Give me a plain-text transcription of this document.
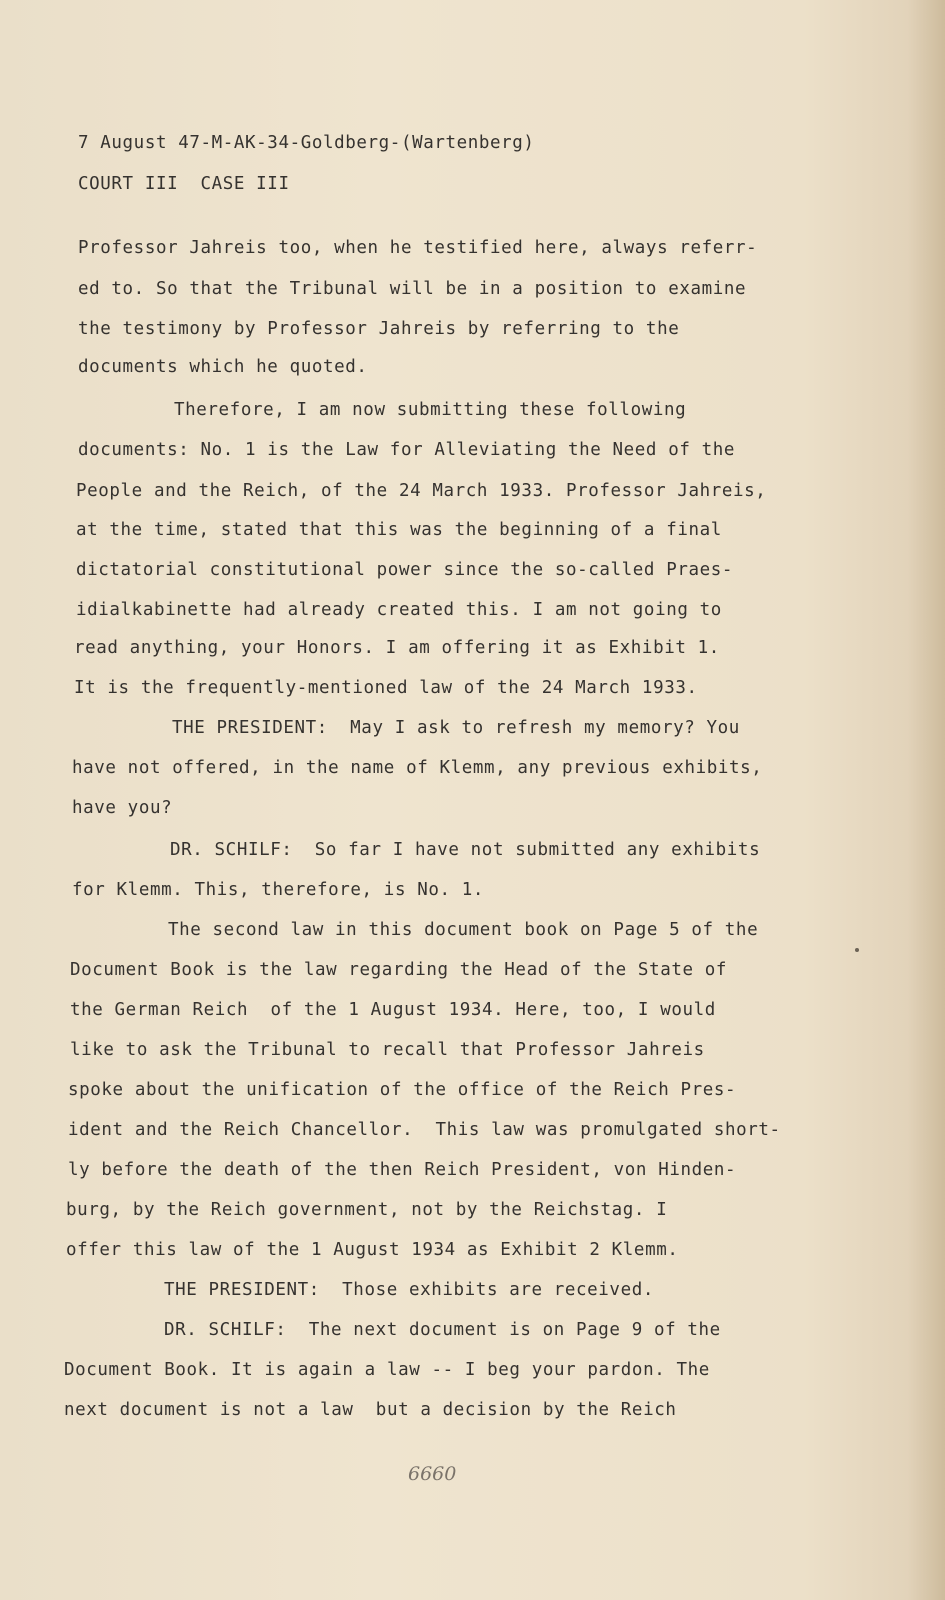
7 August 47-M-AK-34-Goldberg-(Wartenberg)

COURT III  CASE III

Professor Jahreis too, when he testified here, always referr-

ed to. So that the Tribunal will be in a position to examine

the testimony by Professor Jahreis by referring to the

documents which he quoted.

Therefore, I am now submitting these following

documents: No. 1 is the Law for Alleviating the Need of the

People and the Reich, of the 24 March 1933. Professor Jahreis,

at the time, stated that this was the beginning of a final

dictatorial constitutional power since the so-called Praes-

idialkabinette had already created this. I am not going to

read anything, your Honors. I am offering it as Exhibit 1.

It is the frequently-mentioned law of the 24 March 1933.

THE PRESIDENT:  May I ask to refresh my memory? You

have not offered, in the name of Klemm, any previous exhibits,

have you?

DR. SCHILF:  So far I have not submitted any exhibits

for Klemm. This, therefore, is No. 1.

The second law in this document book on Page 5 of the

Document Book is the law regarding the Head of the State of

the German Reich  of the 1 August 1934. Here, too, I would

like to ask the Tribunal to recall that Professor Jahreis

spoke about the unification of the office of the Reich Pres-

ident and the Reich Chancellor.  This law was promulgated short-

ly before the death of the then Reich President, von Hinden-

burg, by the Reich government, not by the Reichstag. I

offer this law of the 1 August 1934 as Exhibit 2 Klemm.

THE PRESIDENT:  Those exhibits are received.

DR. SCHILF:  The next document is on Page 9 of the

Document Book. It is again a law -- I beg your pardon. The

next document is not a law  but a decision by the Reich

6660
